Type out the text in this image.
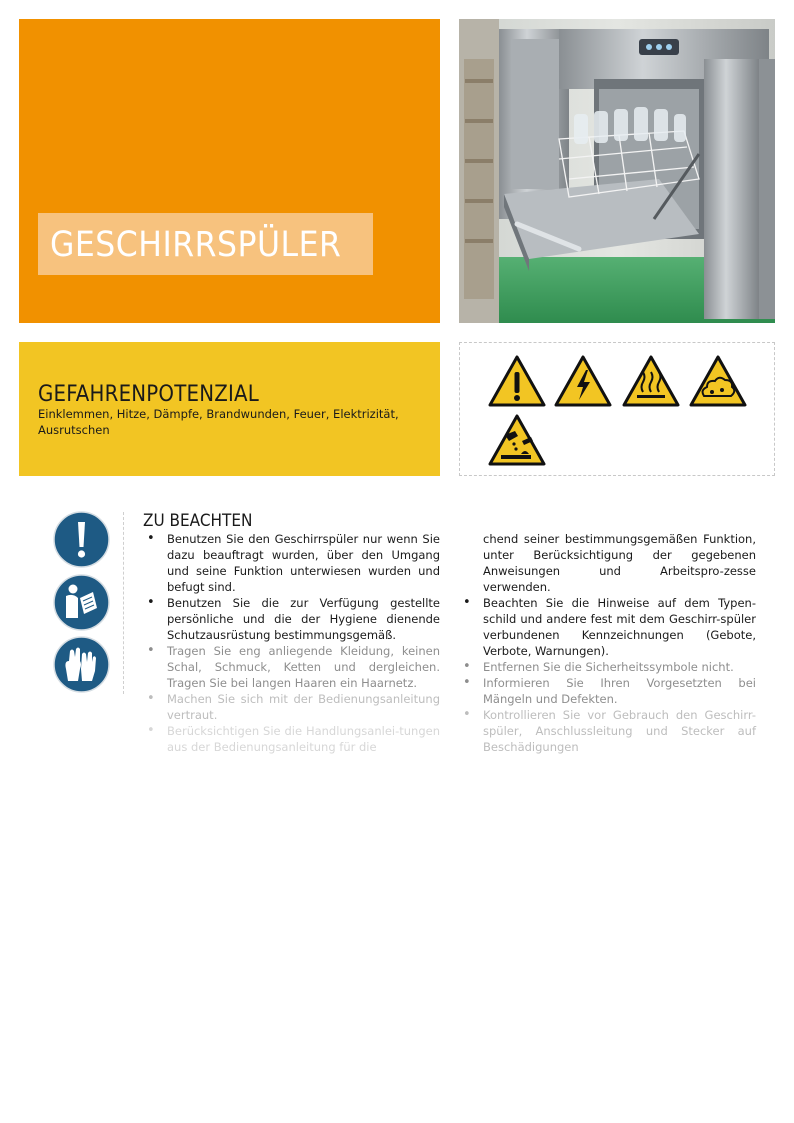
GESCHIRRSPÜLER
GEFAHRENPOTENZIAL
Einklemmen, Hitze, Dämpfe, Brandwunden, Feuer, Elektrizität, Ausrutschen
ZU BEACHTEN
• Benutzen Sie den Geschirrspüler nur wenn Sie dazu beauftragt wurden, über den Umgang und seine Funktion unterwiesen wurden und befugt sind.
• Benutzen Sie die zur Verfügung gestellte persönliche und die der Hygiene dienende Schutzausrüstung bestimmungsgemäß.
• Tragen Sie eng anliegende Kleidung, keinen Schal, Schmuck, Ketten und dergleichen. Tragen Sie bei langen Haaren ein Haarnetz.
• Machen Sie sich mit der Bedienungsanleitung vertraut.
• Berücksichtigen Sie die Handlungsanlei-tungen aus der Bedienungsanleitung für die
chend seiner bestimmungsgemäßen Funktion, unter Berücksichtigung der gegebenen Anweisungen und Arbeitspro-zesse verwenden.
• Beachten Sie die Hinweise auf dem Typen-schild und andere fest mit dem Geschirr-spüler verbundenen Kennzeichnungen (Gebote, Verbote, Warnungen).
• Entfernen Sie die Sicherheitssymbole nicht.
• Informieren Sie Ihren Vorgesetzten bei Mängeln und Defekten.
• Kontrollieren Sie vor Gebrauch den Geschirr-spüler, Anschlussleitung und Stecker auf Beschädigungen
